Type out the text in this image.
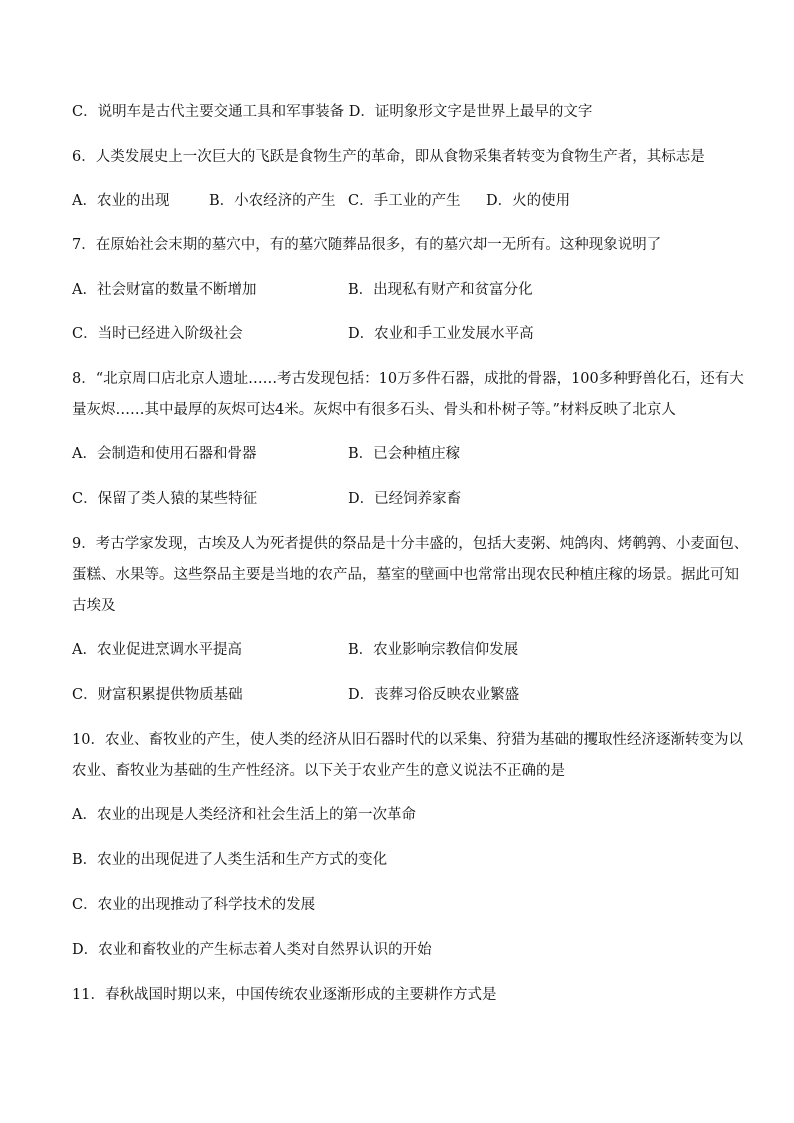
C．说明车是古代主要交通工具和军事装备 D．证明象形文字是世界上最早的文字
6．人类发展史上一次巨大的飞跃是食物生产的革命，即从食物采集者转变为食物生产者，其标志是
A．农业的出现	B．小农经济的产生 C．手工业的产生 D．火的使用
7．在原始社会末期的墓穴中，有的墓穴随葬品很多，有的墓穴却一无所有。这种现象说明了
A．社会财富的数量不断增加	B．出现私有财产和贫富分化
C．当时已经进入阶级社会	D．农业和手工业发展水平高
8．“北京周口店北京人遗址……考古发现包括：10万多件石器，成批的骨器，100多种野兽化石，还有大
量灰烬……其中最厚的灰烬可达4米。灰烬中有很多石头、骨头和朴树子等。”材料反映了北京人
A．会制造和使用石器和骨器	B．已会种植庄稼
C．保留了类人猿的某些特征	D．已经饲养家畜
9．考古学家发现，古埃及人为死者提供的祭品是十分丰盛的，包括大麦粥、炖鸽肉、烤鹌鹑、小麦面包、
蛋糕、水果等。这些祭品主要是当地的农产品，墓室的壁画中也常常出现农民种植庄稼的场景。据此可知
古埃及
A．农业促进烹调水平提高	B．农业影响宗教信仰发展
C．财富积累提供物质基础	D．丧葬习俗反映农业繁盛
10．农业、畜牧业的产生，使人类的经济从旧石器时代的以采集、狩猎为基础的攫取性经济逐渐转变为以
农业、畜牧业为基础的生产性经济。以下关于农业产生的意义说法不正确的是
A．农业的出现是人类经济和社会生活上的第一次革命
B．农业的出现促进了人类生活和生产方式的变化
C．农业的出现推动了科学技术的发展
D．农业和畜牧业的产生标志着人类对自然界认识的开始
11．春秋战国时期以来，中国传统农业逐渐形成的主要耕作方式是
